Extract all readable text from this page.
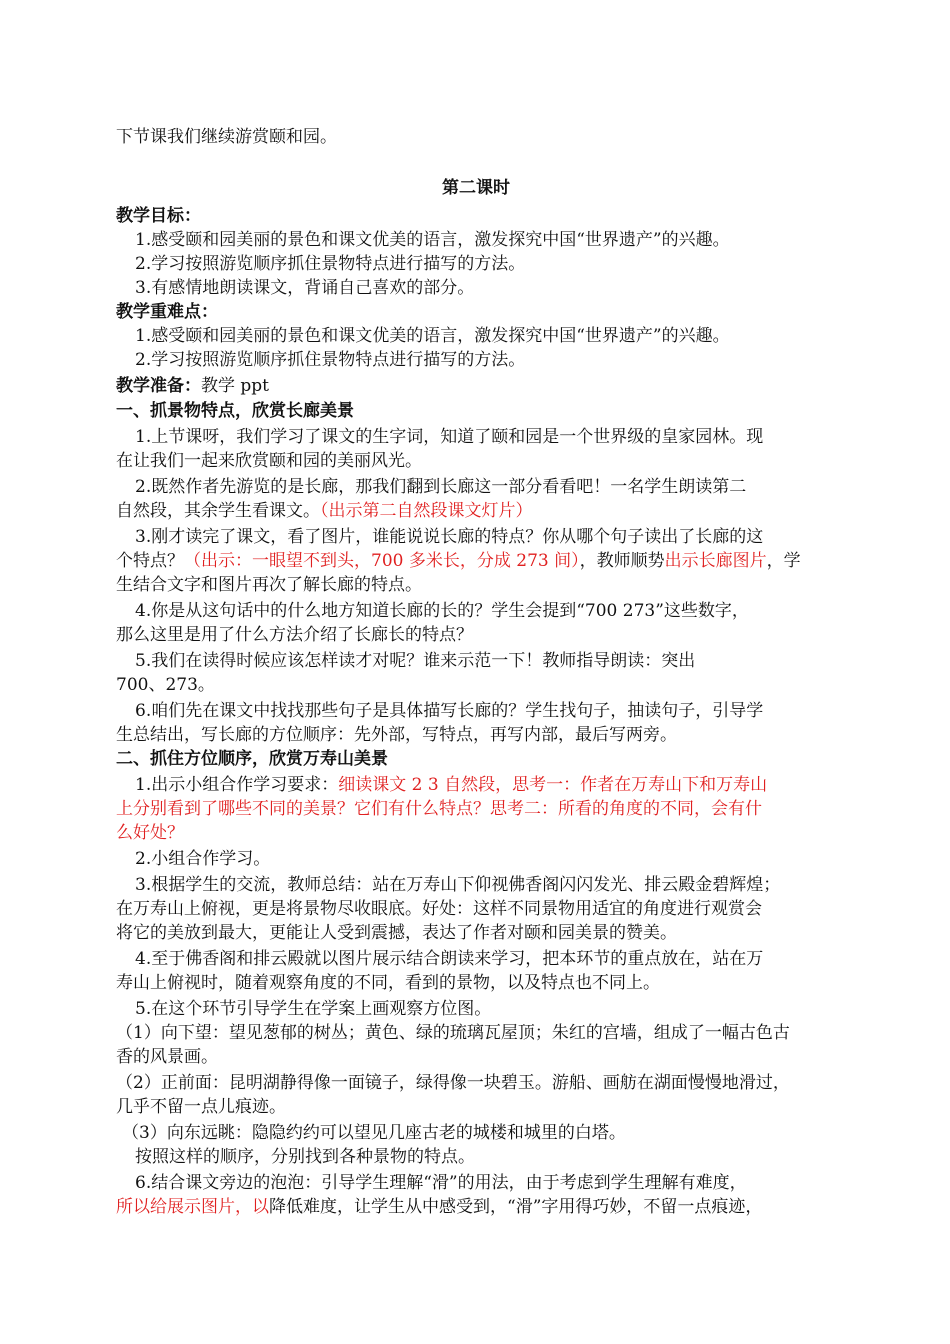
下节课我们继续游赏颐和园。
第二课时
教学目标：
1.感受颐和园美丽的景色和课文优美的语言，激发探究中国“世界遗产”的兴趣。
2.学习按照游览顺序抓住景物特点进行描写的方法。
3.有感情地朗读课文，背诵自己喜欢的部分。
教学重难点：
1.感受颐和园美丽的景色和课文优美的语言，激发探究中国“世界遗产”的兴趣。
2.学习按照游览顺序抓住景物特点进行描写的方法。
教学准备：教学 ppt
一、抓景物特点，欣赏长廊美景
1.上节课呀，我们学习了课文的生字词，知道了颐和园是一个世界级的皇家园林。现
在让我们一起来欣赏颐和园的美丽风光。
2.既然作者先游览的是长廊，那我们翻到长廊这一部分看看吧！一名学生朗读第二
自然段，其余学生看课文。（出示第二自然段课文灯片）
3.刚才读完了课文，看了图片，谁能说说长廊的特点？你从哪个句子读出了长廊的这
个特点？（出示：一眼望不到头，700 多米长，分成 273 间），教师顺势出示长廊图片，学
生结合文字和图片再次了解长廊的特点。
4.你是从这句话中的什么地方知道长廊的长的？学生会提到“700 273”这些数字，
那么这里是用了什么方法介绍了长廊长的特点？
5.我们在读得时候应该怎样读才对呢？谁来示范一下！教师指导朗读：突出
700、273。
6.咱们先在课文中找找那些句子是具体描写长廊的？学生找句子，抽读句子，引导学
生总结出，写长廊的方位顺序：先外部，写特点，再写内部，最后写两旁。
二、抓住方位顺序，欣赏万寿山美景
1.出示小组合作学习要求：细读课文 2 3 自然段，思考一：作者在万寿山下和万寿山
上分别看到了哪些不同的美景？它们有什么特点？思考二：所看的角度的不同，会有什
么好处？
2.小组合作学习。
3.根据学生的交流，教师总结：站在万寿山下仰视佛香阁闪闪发光、排云殿金碧辉煌；
在万寿山上俯视，更是将景物尽收眼底。好处：这样不同景物用适宜的角度进行观赏会
将它的美放到最大，更能让人受到震撼，表达了作者对颐和园美景的赞美。
4.至于佛香阁和排云殿就以图片展示结合朗读来学习，把本环节的重点放在，站在万
寿山上俯视时，随着观察角度的不同，看到的景物，以及特点也不同上。
5.在这个环节引导学生在学案上画观察方位图。
（1）向下望：望见葱郁的树丛；黄色、绿的琉璃瓦屋顶；朱红的宫墙，组成了一幅古色古
香的风景画。
（2）正前面：昆明湖静得像一面镜子，绿得像一块碧玉。游船、画舫在湖面慢慢地滑过，
几乎不留一点儿痕迹。
（3）向东远眺：隐隐约约可以望见几座古老的城楼和城里的白塔。
按照这样的顺序，分别找到各种景物的特点。
6.结合课文旁边的泡泡：引导学生理解“滑”的用法，由于考虑到学生理解有难度，
所以给展示图片，以降低难度，让学生从中感受到，“滑”字用得巧妙，不留一点痕迹，
